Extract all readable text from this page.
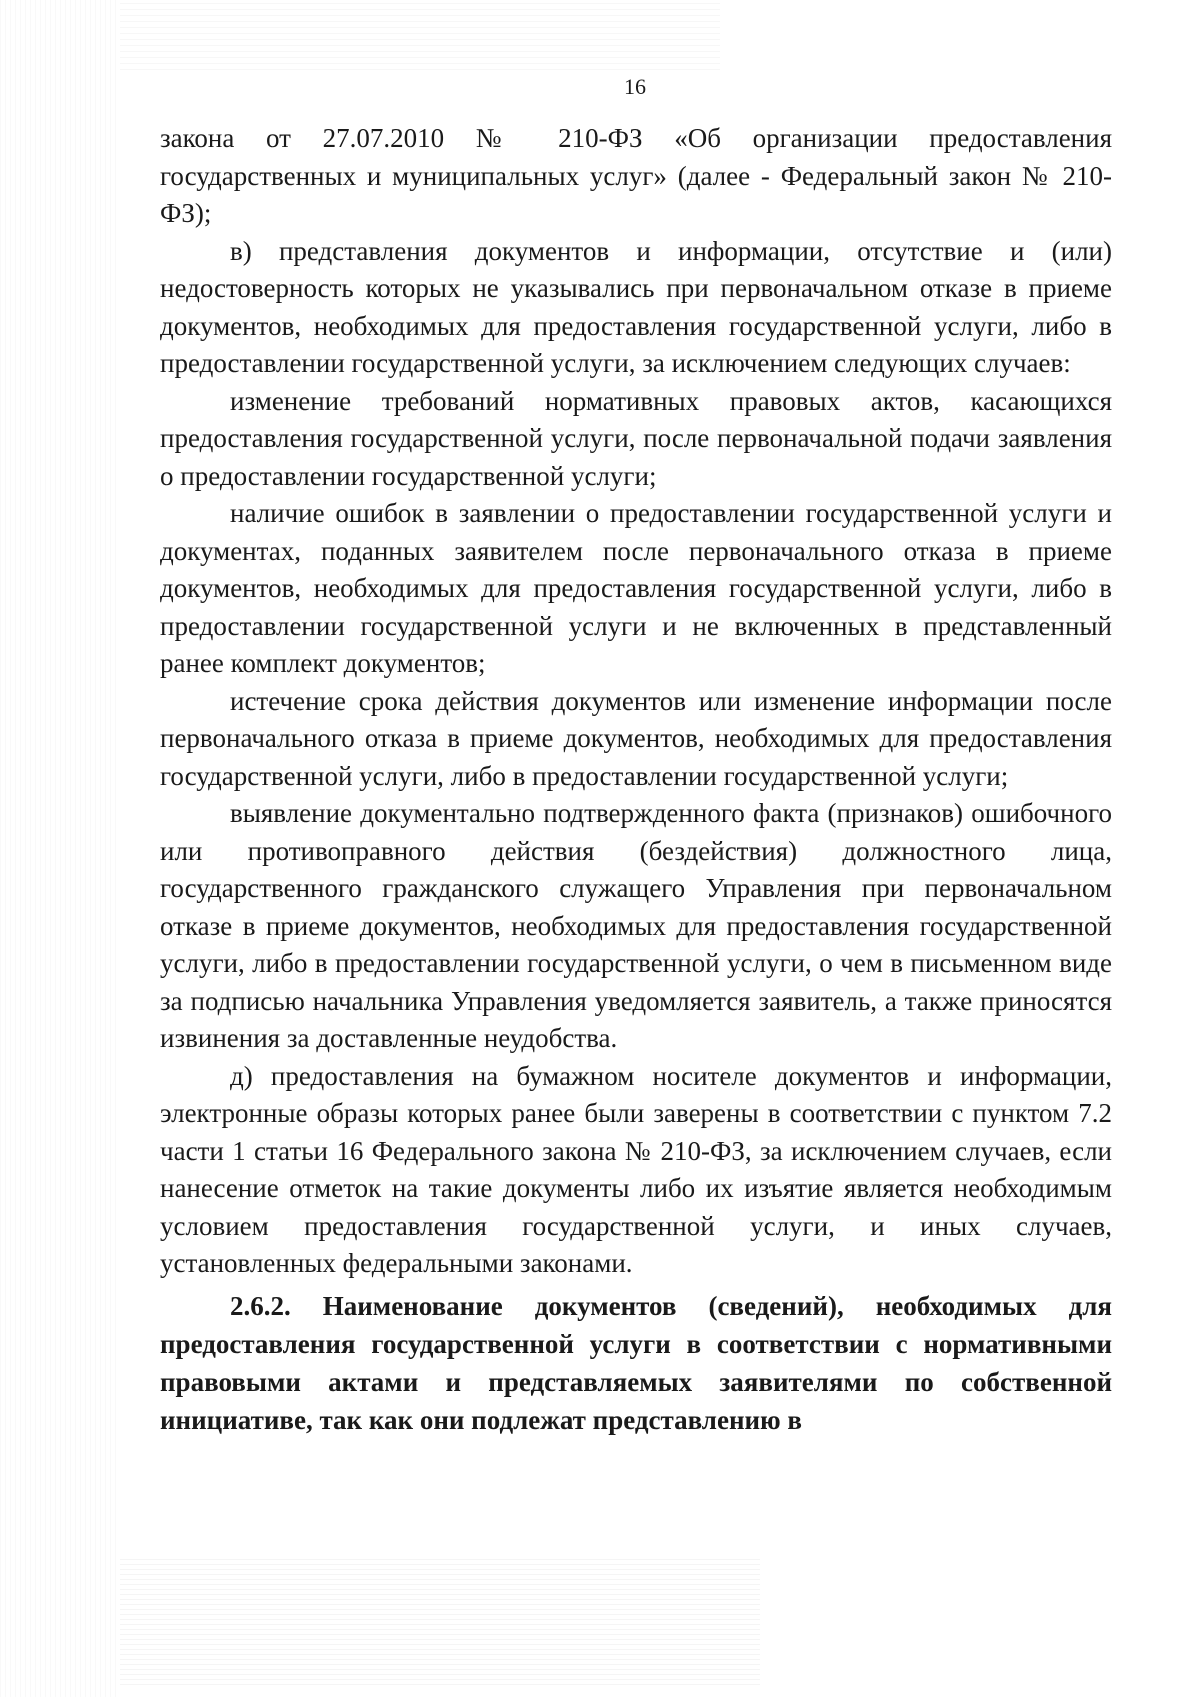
16

закона от 27.07.2010 № 210-ФЗ «Об организации предоставления государственных и муниципальных услуг» (далее - Федеральный закон № 210-ФЗ);

в) представления документов и информации, отсутствие и (или) недостоверность которых не указывались при первоначальном отказе в приеме документов, необходимых для предоставления государственной услуги, либо в предоставлении государственной услуги, за исключением следующих случаев:

изменение требований нормативных правовых актов, касающихся предоставления государственной услуги, после первоначальной подачи заявления о предоставлении государственной услуги;

наличие ошибок в заявлении о предоставлении государственной услуги и документах, поданных заявителем после первоначального отказа в приеме документов, необходимых для предоставления государственной услуги, либо в предоставлении государственной услуги и не включенных в представленный ранее комплект документов;

истечение срока действия документов или изменение информации после первоначального отказа в приеме документов, необходимых для предоставления государственной услуги, либо в предоставлении государственной услуги;

выявление документально подтвержденного факта (признаков) ошибочного или противоправного действия (бездействия) должностного лица, государственного гражданского служащего Управления при первоначальном отказе в приеме документов, необходимых для предоставления государственной услуги, либо в предоставлении государственной услуги, о чем в письменном виде за подписью начальника Управления уведомляется заявитель, а также приносятся извинения за доставленные неудобства.

д) предоставления на бумажном носителе документов и информации, электронные образы которых ранее были заверены в соответствии с пунктом 7.2 части 1 статьи 16 Федерального закона № 210-ФЗ, за исключением случаев, если нанесение отметок на такие документы либо их изъятие является необходимым условием предоставления государственной услуги, и иных случаев, установленных федеральными законами.

2.6.2. Наименование документов (сведений), необходимых для предоставления государственной услуги в соответствии с нормативными правовыми актами и представляемых заявителями по собственной инициативе, так как они подлежат представлению в
